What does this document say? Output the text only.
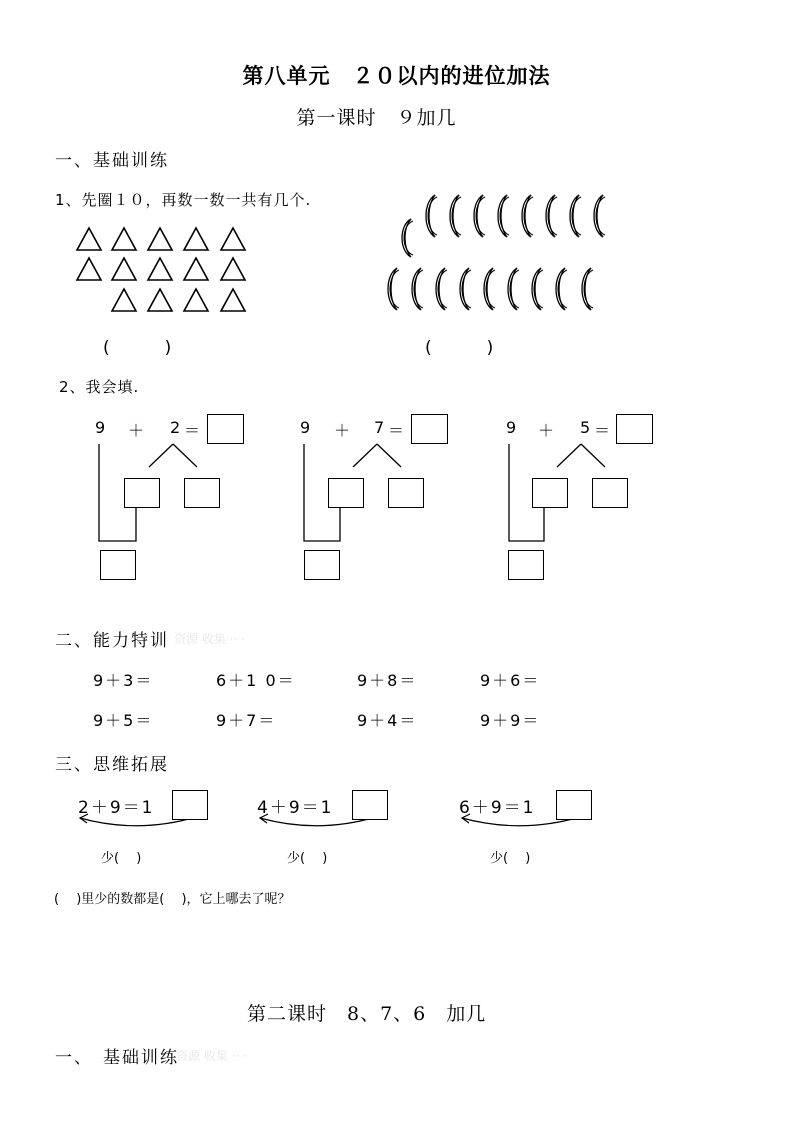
第八单元　２０以内的进位加法
第一课时　９加几
一、基础训练
1、先圈１０，再数一数一共有几个.
(　　　)	(　　　)
2、我会填.
9 ＋ 2 ＝	9 ＋ 7 ＝	9 ＋ 5 ＝
二、能力特训 资源 收集 ·· ·
9＋3＝	6＋1 0＝	9＋8＝	9＋6＝
9＋5＝	9＋7＝	9＋4＝	9＋9＝
三、思维拓展
2＋9＝1
少(　 )
4＋9＝1
少(　 )
6＋9＝1
少(　 )
(　 )里少的数都是(　 )，它上哪去了呢？
第二课时　8、7、6　加几
一、 基础训练
资源 收集 ·· ·
